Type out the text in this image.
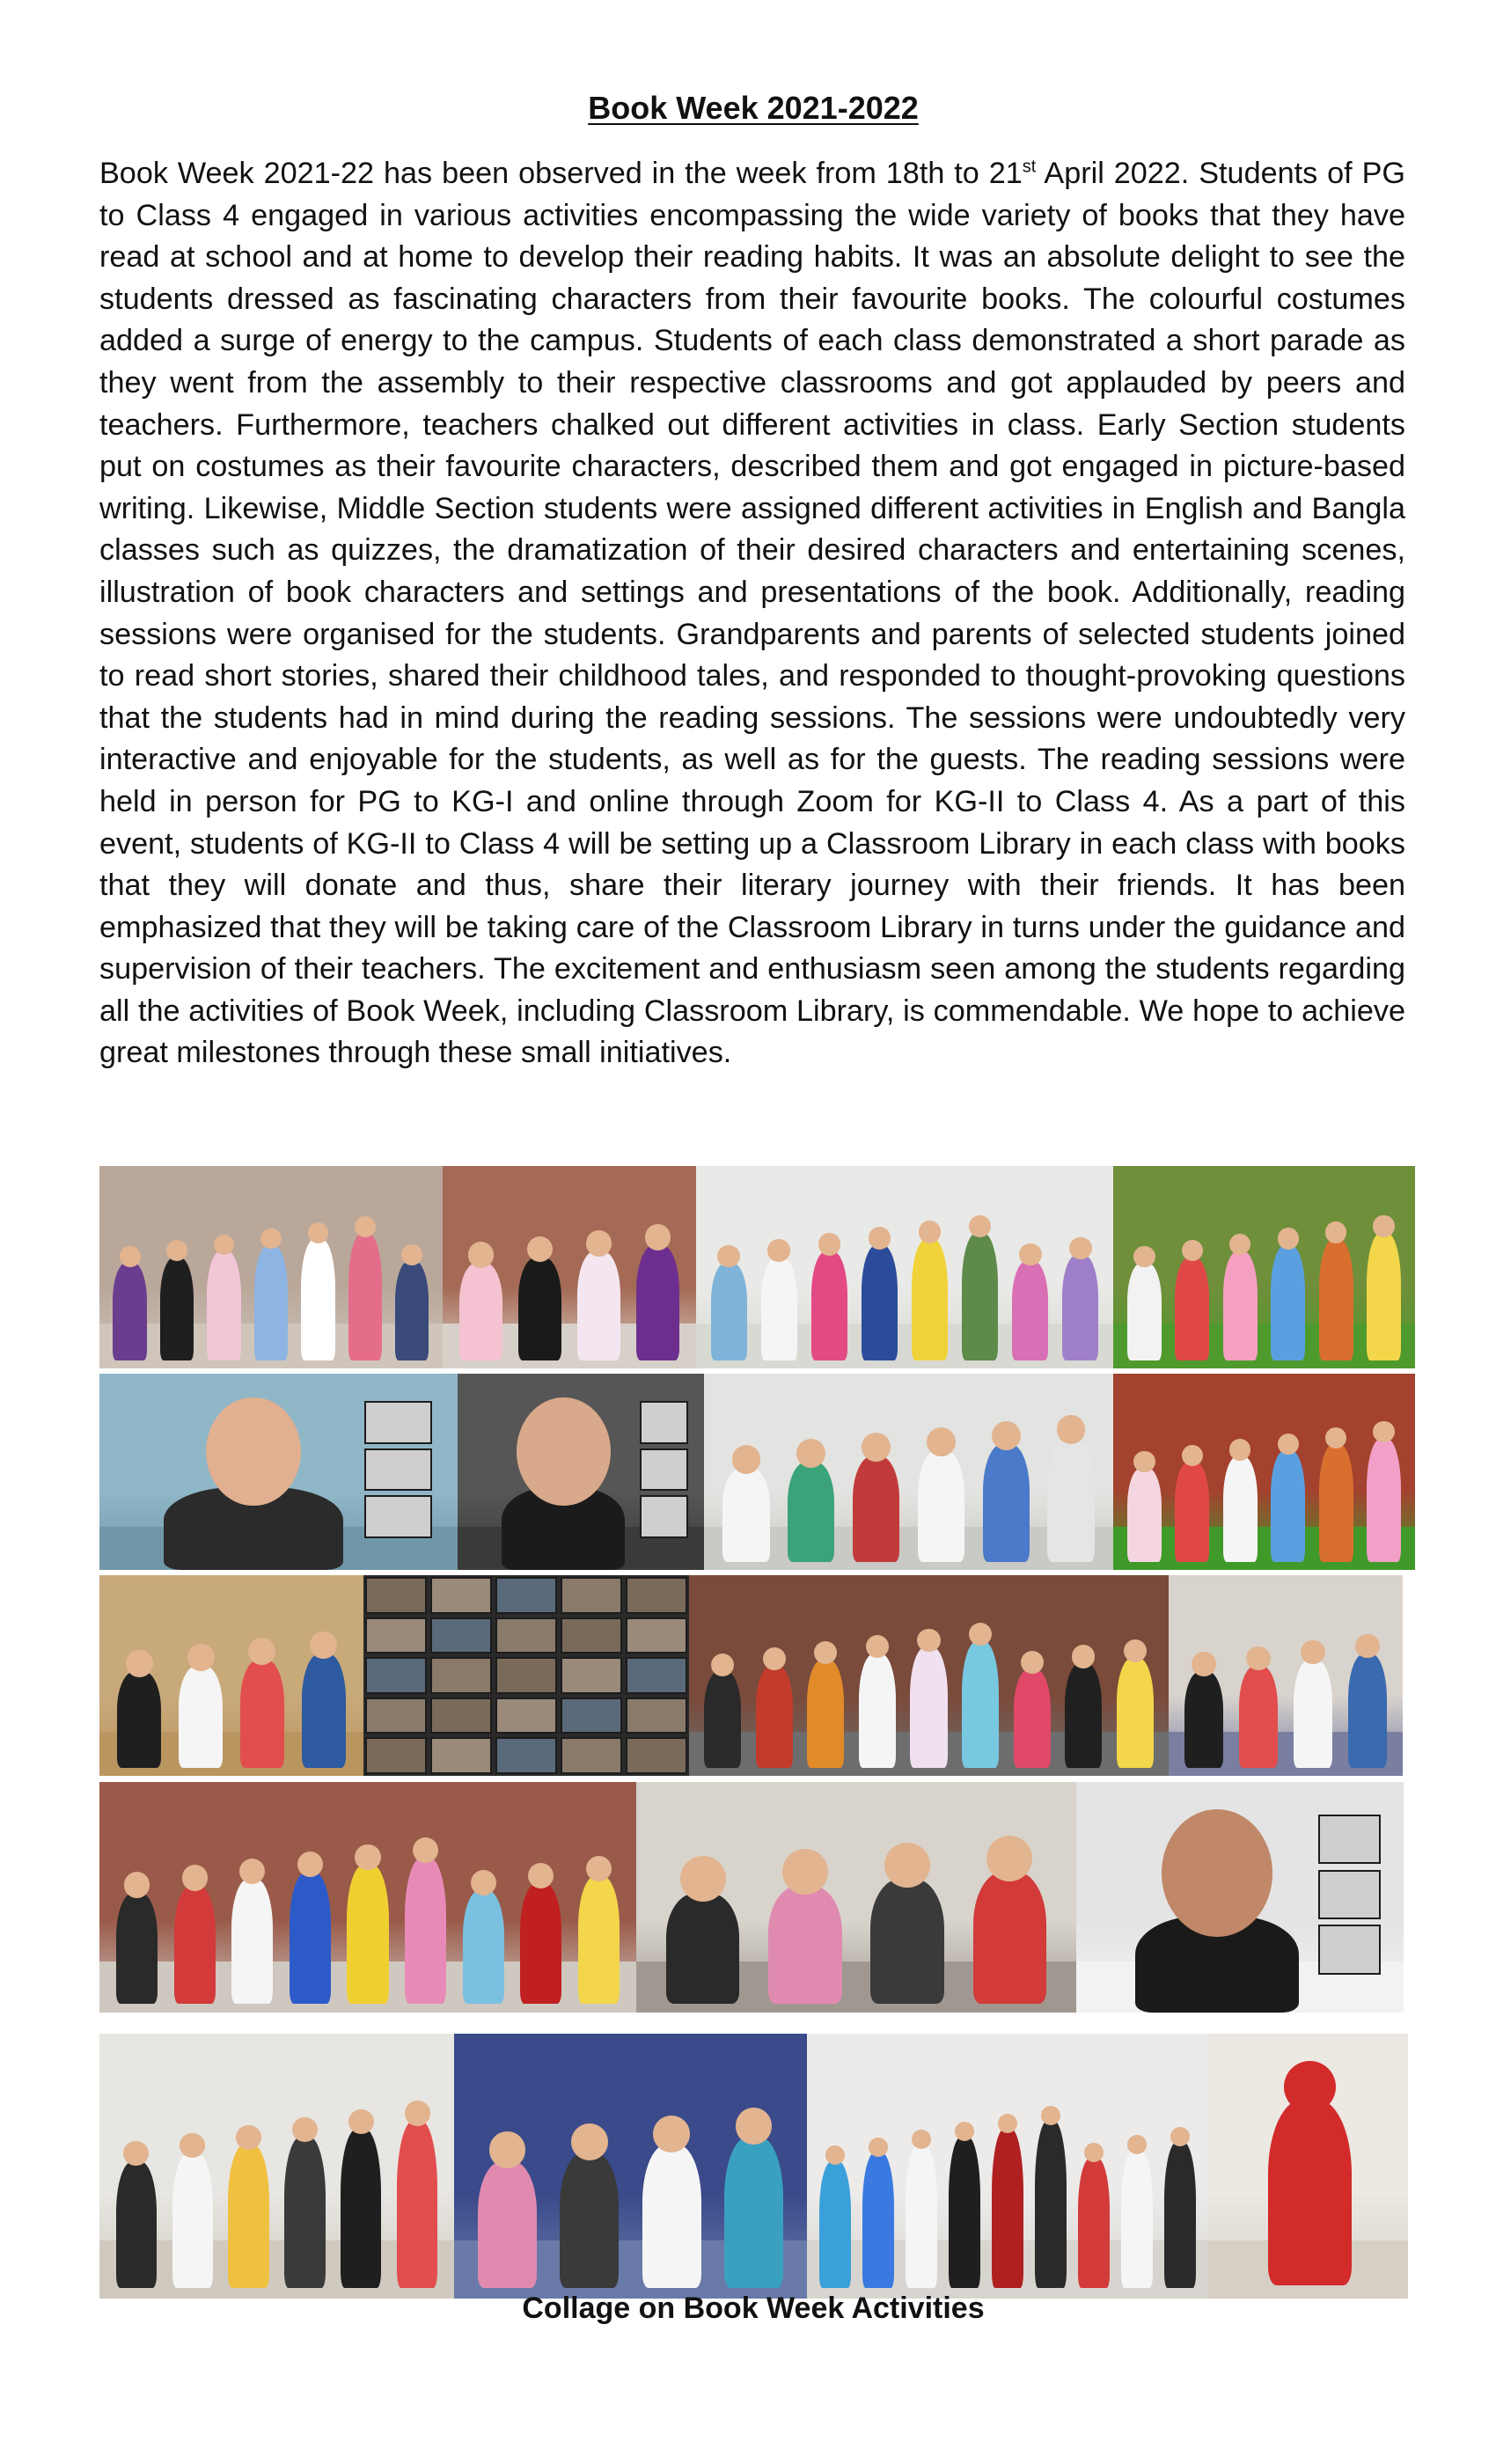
Book Week 2021-2022

Book Week 2021-22 has been observed in the week from 18th to 21st April 2022. Students of PG to Class 4 engaged in various activities encompassing the wide variety of books that they have read at school and at home to develop their reading habits. It was an absolute delight to see the students dressed as fascinating characters from their favourite books. The colourful costumes added a surge of energy to the campus. Students of each class demonstrated a short parade as they went from the assembly to their respective classrooms and got applauded by peers and teachers. Furthermore, teachers chalked out different activities in class. Early Section students put on costumes as their favourite characters, described them and got engaged in picture-based writing. Likewise, Middle Section students were assigned different activities in English and Bangla classes such as quizzes, the dramatization of their desired characters and entertaining scenes, illustration of book characters and settings and presentations of the book. Additionally, reading sessions were organised for the students. Grandparents and parents of selected students joined to read short stories, shared their childhood tales, and responded to thought-provoking questions that the students had in mind during the reading sessions. The sessions were undoubtedly very interactive and enjoyable for the students, as well as for the guests. The reading sessions were held in person for PG to KG-I and online through Zoom for KG-II to Class 4. As a part of this event, students of KG-II to Class 4 will be setting up a Classroom Library in each class with books that they will donate and thus, share their literary journey with their friends. It has been emphasized that they will be taking care of the Classroom Library in turns under the guidance and supervision of their teachers. The excitement and enthusiasm seen among the students regarding all the activities of Book Week, including Classroom Library, is commendable. We hope to achieve great milestones through these small initiatives.

Collage on Book Week Activities
